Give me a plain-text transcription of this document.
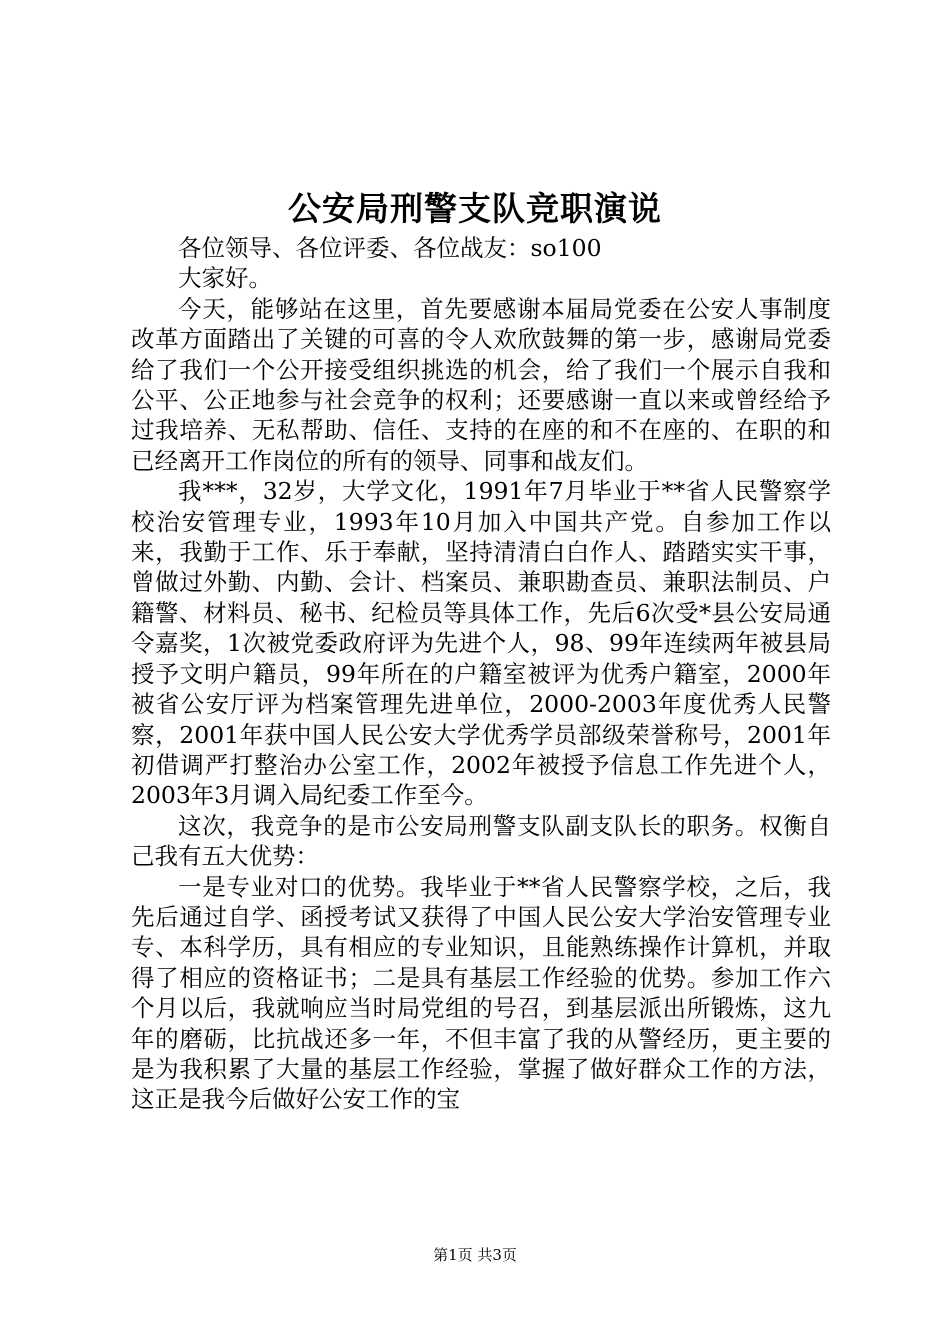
公安局刑警支队竞职演说

各位领导、各位评委、各位战友：so100

大家好。

今天，能够站在这里，首先要感谢本届局党委在公安人事制度改革方面踏出了关键的可喜的令人欢欣鼓舞的第一步，感谢局党委给了我们一个公开接受组织挑选的机会，给了我们一个展示自我和公平、公正地参与社会竞争的权利；还要感谢一直以来或曾经给予过我培养、无私帮助、信任、支持的在座的和不在座的、在职的和已经离开工作岗位的所有的领导、同事和战友们。

我***，32岁，大学文化，1991年7月毕业于**省人民警察学校治安管理专业，1993年10月加入中国共产党。自参加工作以来，我勤于工作、乐于奉献，坚持清清白白作人、踏踏实实干事，曾做过外勤、内勤、会计、档案员、兼职勘查员、兼职法制员、户籍警、材料员、秘书、纪检员等具体工作，先后6次受*县公安局通令嘉奖，1次被党委政府评为先进个人，98、99年连续两年被县局授予文明户籍员，99年所在的户籍室被评为优秀户籍室，2000年被省公安厅评为档案管理先进单位，2000-2003年度优秀人民警察，2001年获中国人民公安大学优秀学员部级荣誉称号，2001年初借调严打整治办公室工作，2002年被授予信息工作先进个人，2003年3月调入局纪委工作至今。

这次，我竞争的是市公安局刑警支队副支队长的职务。权衡自己我有五大优势：

一是专业对口的优势。我毕业于**省人民警察学校，之后，我先后通过自学、函授考试又获得了中国人民公安大学治安管理专业专、本科学历，具有相应的专业知识，且能熟练操作计算机，并取得了相应的资格证书；二是具有基层工作经验的优势。参加工作六个月以后，我就响应当时局党组的号召，到基层派出所锻炼，这九年的磨砺，比抗战还多一年，不但丰富了我的从警经历，更主要的是为我积累了大量的基层工作经验，掌握了做好群众工作的方法，这正是我今后做好公安工作的宝

第1页 共3页
